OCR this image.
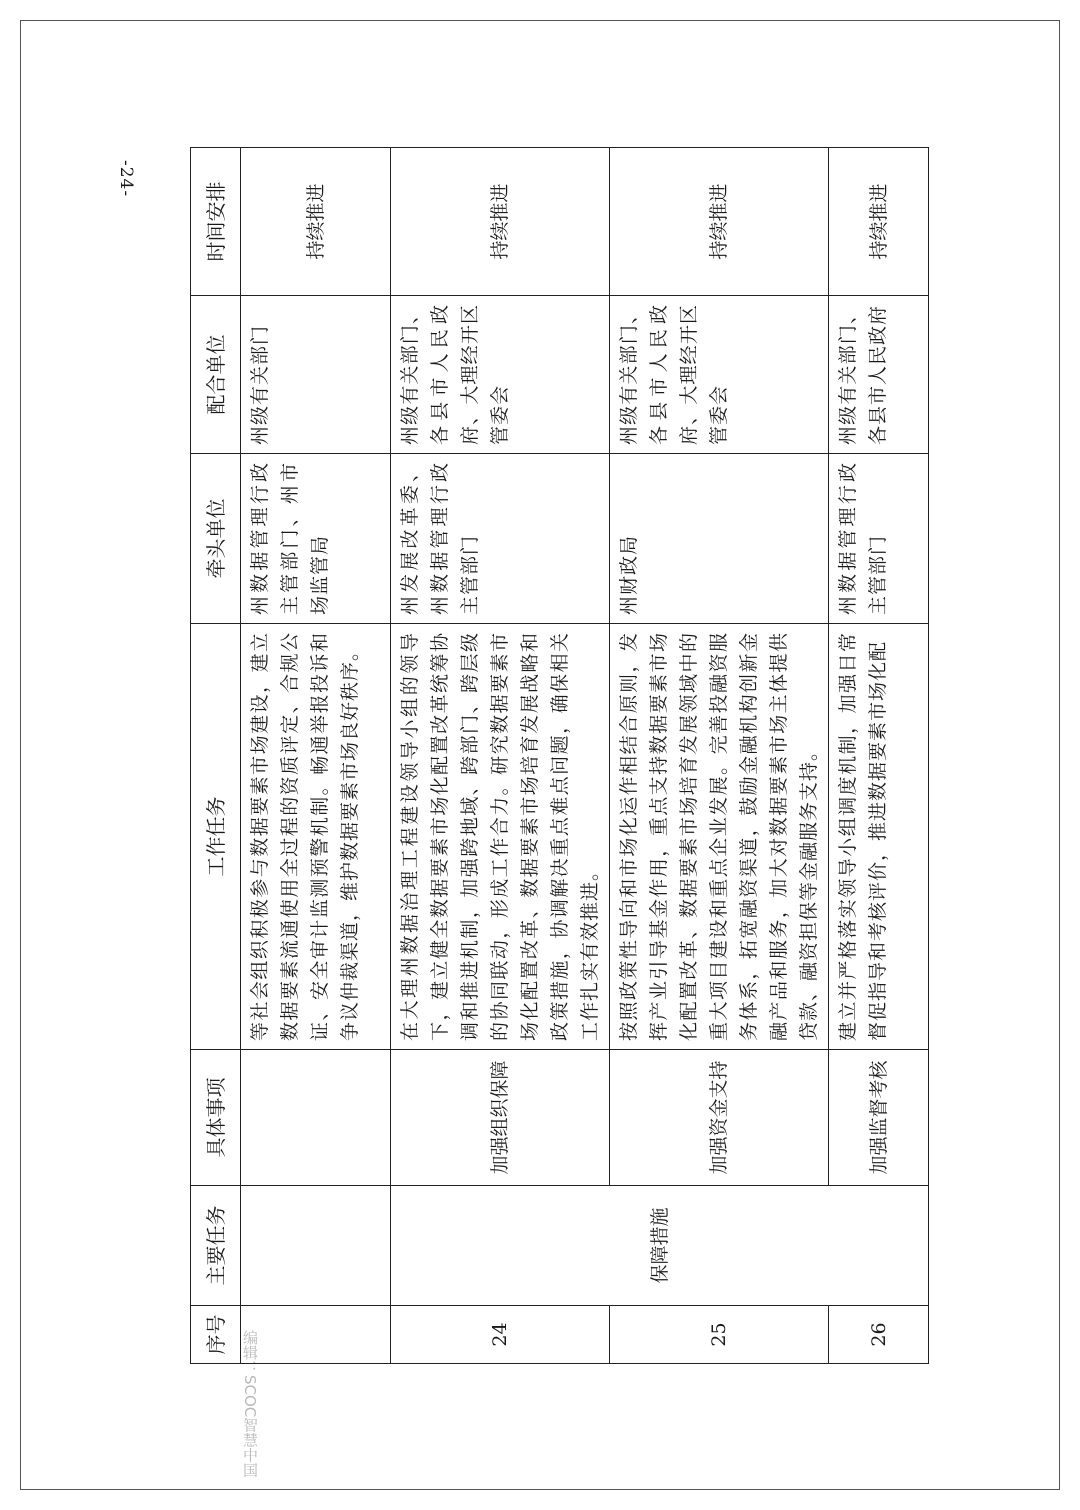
-24-
编辑：SCOC智慧中国
序号	主要任务	具体事项	工作任务	牵头单位	配合单位	时间安排
			等社会组织积极参与数据要素市场建设，建立数据要素流通使用全过程的资质评定、合规公证、安全审计监测预警机制。畅通举报投诉和争议仲裁渠道，维护数据要素市场良好秩序。	州数据管理行政主管部门、州市场监管局	州级有关部门	持续推进
24	保障措施	加强组织保障	在大理州数据治理工程建设领导小组的领导下，建立健全数据要素市场化配置改革统筹协调和推进机制，加强跨地域、跨部门、跨层级的协同联动，形成工作合力。研究数据要素市场化配置改革、数据要素市场培育发展战略和政策措施，协调解决重点难点问题，确保相关工作扎实有效推进。	州发展改革委、州数据管理行政主管部门	州级有关部门、各县市人民政府、大理经开区管委会	持续推进
25		加强资金支持	按照政策性导向和市场化运作相结合原则，发挥产业引导基金作用，重点支持数据要素市场化配置改革、数据要素市场培育发展领域中的重大项目建设和重点企业发展。完善投融资服务体系，拓宽融资渠道，鼓励金融机构创新金融产品和服务，加大对数据要素市场主体提供贷款、融资担保等金融服务支持。	州财政局	州级有关部门、各县市人民政府、大理经开区管委会	持续推进
26		加强监督考核	建立并严格落实领导小组调度机制，加强日常督促指导和考核评价，推进数据要素市场化配	州数据管理行政主管部门	州级有关部门、各县市人民政府	持续推进
